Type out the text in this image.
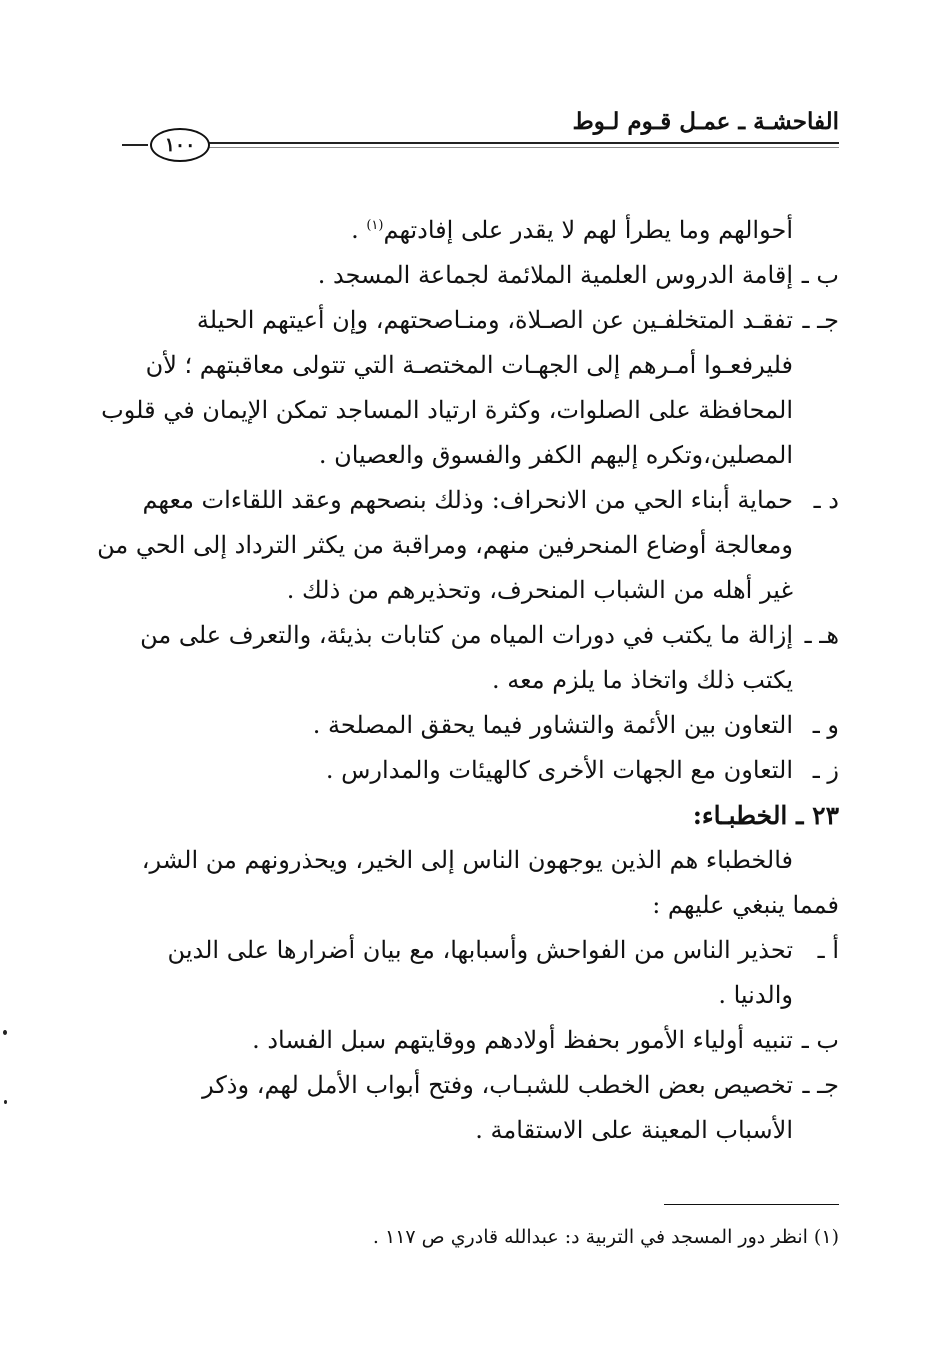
الفاحشـة ـ عمـل قـوم لـوط
١٠٠
أحوالهم وما يطرأ لهم لا يقدر على إفادتهم$^{(١)}$ .
ب ـ
إقامة الدروس العلمية الملائمة لجماعة المسجد .
جـ ـ
تفقـد المتخلفـين عن الصـلاة، ومنـاصحتهم، وإن أعيتهم الحيلة
فليرفعـوا أمـرهم إلى الجهـات المختصـة التي تتولى معاقبتهم ؛ لأن
المحافظة على الصلوات، وكثرة ارتياد المساجد تمكن الإيمان في قلوب
المصلين،وتكره إليهم الكفر والفسوق والعصيان .
د ـ
حماية أبناء الحي من الانحراف: وذلك بنصحهم وعقد اللقاءات معهم
ومعالجة أوضاع المنحرفين منهم، ومراقبة من يكثر الترداد إلى الحي من
غير أهله من الشباب المنحرف، وتحذيرهم من ذلك .
هـ ـ
إزالة ما يكتب في دورات المياه من كتابات بذيئة، والتعرف على من
يكتب ذلك واتخاذ ما يلزم معه .
و ـ
التعاون بين الأئمة والتشاور فيما يحقق المصلحة .
ز ـ
التعاون مع الجهات الأخرى كالهيئات والمدارس .
٢٣ ـ الخطبـاء:
فالخطباء هم الذين يوجهون الناس إلى الخير، ويحذرونهم من الشر،
فمما ينبغي عليهم :
أ ـ
تحذير الناس من الفواحش وأسبابها، مع بيان أضرارها على الدين
والدنيا .
ب ـ
تنبيه أولياء الأمور بحفظ أولادهم ووقايتهم سبل الفساد .
جـ ـ
تخصيص بعض الخطب للشبـاب، وفتح أبواب الأمل لهم، وذكر
الأسباب المعينة على الاستقامة .
(١) انظر دور المسجد في التربية د: عبدالله قادري ص ١١٧ .
